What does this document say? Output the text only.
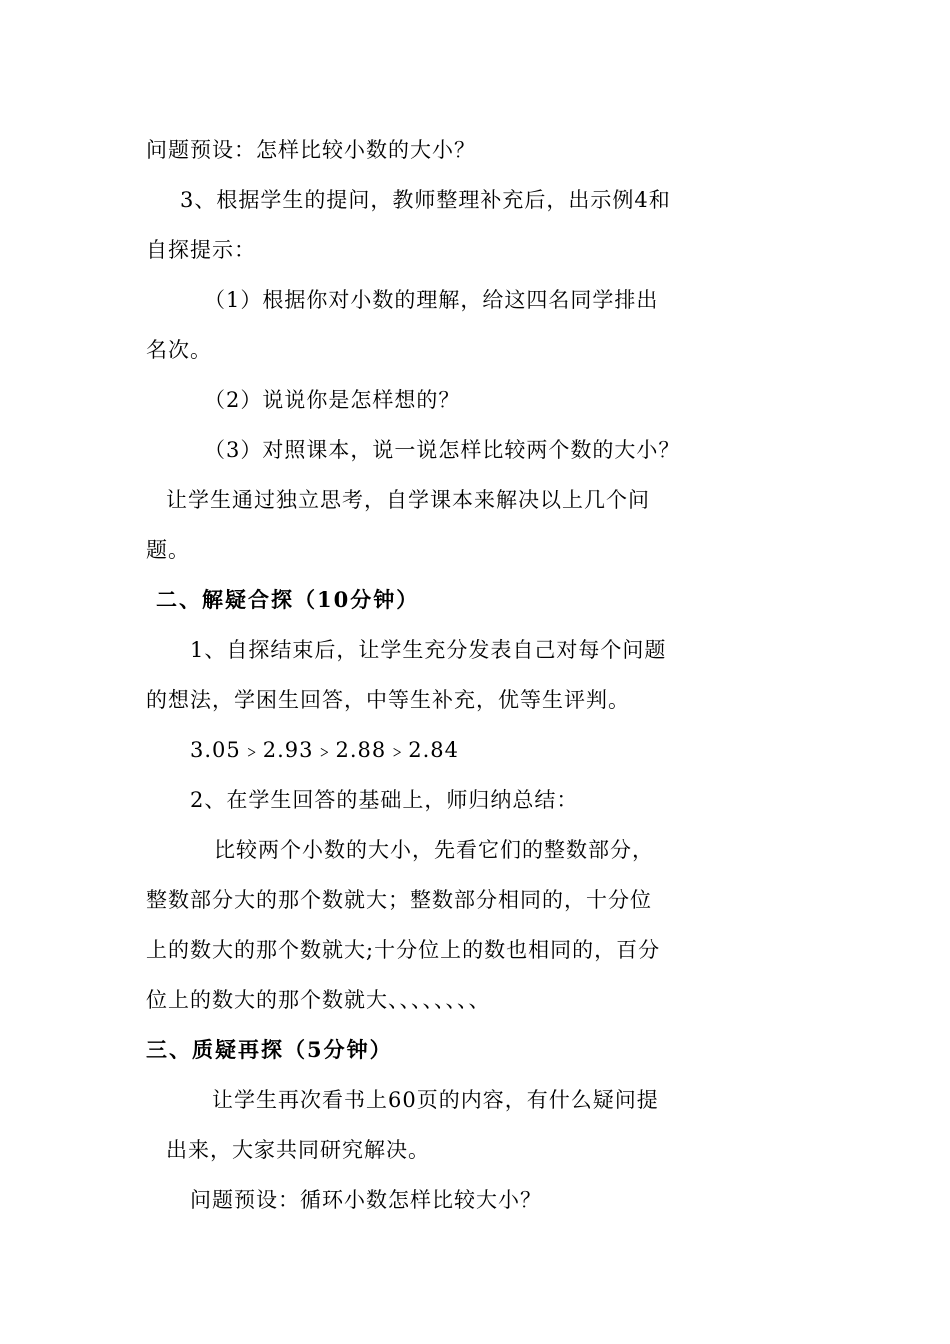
问题预设：怎样比较小数的大小？
3、根据学生的提问，教师整理补充后，出示例4和
自探提示：
（1）根据你对小数的理解，给这四名同学排出
名次。
（2）说说你是怎样想的？
（3）对照课本，说一说怎样比较两个数的大小？
让学生通过独立思考，自学课本来解决以上几个问
题。
二、解疑合探（10分钟）
1、自探结束后，让学生充分发表自己对每个问题
的想法，学困生回答，中等生补充，优等生评判。
3.05﹥2.93﹥2.88﹥2.84
2、在学生回答的基础上，师归纳总结：
比较两个小数的大小，先看它们的整数部分，
整数部分大的那个数就大；整数部分相同的，十分位
上的数大的那个数就大;十分位上的数也相同的，百分
位上的数大的那个数就大、、、、、、、、
三、质疑再探（5分钟）
让学生再次看书上60页的内容，有什么疑问提
出来，大家共同研究解决。
问题预设：循环小数怎样比较大小？
